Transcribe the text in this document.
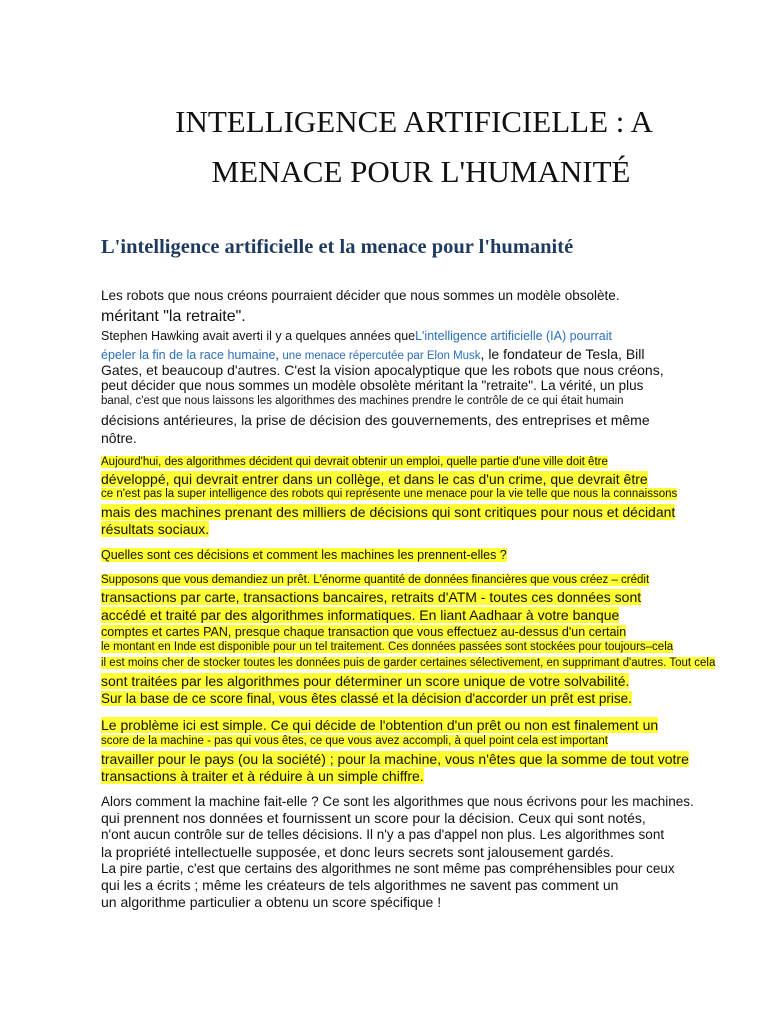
INTELLIGENCE ARTIFICIELLE : A
MENACE POUR L'HUMANITÉ
L'intelligence artificielle et la menace pour l'humanité
Les robots que nous créons pourraient décider que nous sommes un modèle obsolète.
méritant "la retraite".
Stephen Hawking avait averti il y a quelques années queL'intelligence artificielle (IA) pourrait
épeler la fin de la race humaine, une menace répercutée par Elon Musk, le fondateur de Tesla, Bill
Gates, et beaucoup d'autres. C'est la vision apocalyptique que les robots que nous créons,
peut décider que nous sommes un modèle obsolète méritant la "retraite". La vérité, un plus
banal, c'est que nous laissons les algorithmes des machines prendre le contrôle de ce qui était humain
décisions antérieures, la prise de décision des gouvernements, des entreprises et même
nôtre.
Aujourd'hui, des algorithmes décident qui devrait obtenir un emploi, quelle partie d'une ville doit être
développé, qui devrait entrer dans un collège, et dans le cas d'un crime, que devrait être
ce n'est pas la super intelligence des robots qui représente une menace pour la vie telle que nous la connaissons
mais des machines prenant des milliers de décisions qui sont critiques pour nous et décidant
résultats sociaux.
Quelles sont ces décisions et comment les machines les prennent-elles ?
Supposons que vous demandiez un prêt. L'énorme quantité de données financières que vous créez – crédit
transactions par carte, transactions bancaires, retraits d'ATM - toutes ces données sont
accédé et traité par des algorithmes informatiques. En liant Aadhaar à votre banque
comptes et cartes PAN, presque chaque transaction que vous effectuez au-dessus d'un certain
le montant en Inde est disponible pour un tel traitement. Ces données passées sont stockées pour toujours–cela
il est moins cher de stocker toutes les données puis de garder certaines sélectivement, en supprimant d'autres. Tout cela
sont traitées par les algorithmes pour déterminer un score unique de votre solvabilité.
Sur la base de ce score final, vous êtes classé et la décision d'accorder un prêt est prise.
Le problème ici est simple. Ce qui décide de l'obtention d'un prêt ou non est finalement un
score de la machine - pas qui vous êtes, ce que vous avez accompli, à quel point cela est important
travailler pour le pays (ou la société) ; pour la machine, vous n'êtes que la somme de tout votre
transactions à traiter et à réduire à un simple chiffre.
Alors comment la machine fait-elle ? Ce sont les algorithmes que nous écrivons pour les machines.
qui prennent nos données et fournissent un score pour la décision. Ceux qui sont notés,
n'ont aucun contrôle sur de telles décisions. Il n'y a pas d'appel non plus. Les algorithmes sont
la propriété intellectuelle supposée, et donc leurs secrets sont jalousement gardés.
La pire partie, c'est que certains des algorithmes ne sont même pas compréhensibles pour ceux
qui les a écrits ; même les créateurs de tels algorithmes ne savent pas comment un
un algorithme particulier a obtenu un score spécifique !
